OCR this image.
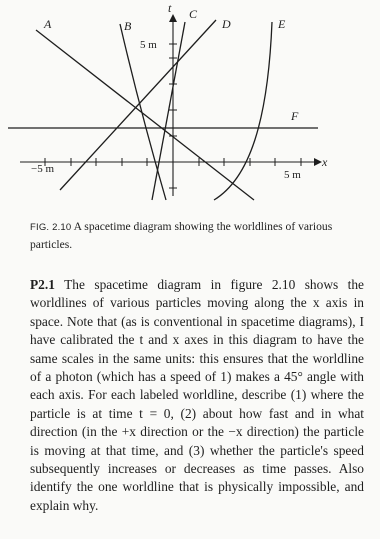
A	B
C
D	E
F
t
x
5 m
5 m
−5 m

FIG. 2.10 A spacetime diagram showing the worldlines of various particles.

P2.1 The spacetime diagram in figure 2.10 shows the worldlines of various particles moving along the x axis in space. Note that (as is conventional in spacetime diagrams), I have calibrated the t and x axes in this diagram to have the same scales in the same units: this ensures that the worldline of a photon (which has a speed of 1) makes a 45° angle with each axis. For each labeled worldline, describe (1) where the particle is at time t = 0, (2) about how fast and in what direction (in the +x direction or the −x direction) the particle is moving at that time, and (3) whether the particle's speed subsequently increases or decreases as time passes. Also identify the one worldline that is physically impossible, and explain why.
